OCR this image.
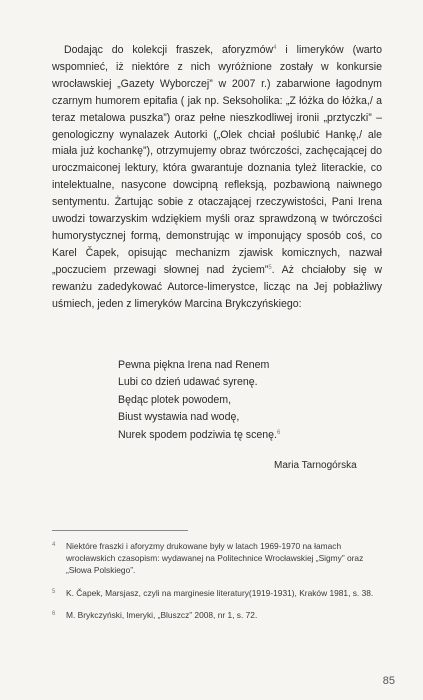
Dodając do kolekcji fraszek, aforyzmów$^4$ i limeryków (warto wspomnieć, iż niektóre z nich wyróżnione zostały w konkursie wrocławskiej „Gazety Wyborczej” w 2007 r.) zabarwione łagodnym czarnym humorem epitafia ( jak np. Seksoholika: „Z łóżka do łóżka,/ a teraz metalowa puszka”) oraz pełne nieszkodliwej ironii „prztyczki” – genologiczny wynalazek Autorki („Olek chciał poślubić Hankę,/ ale miała już kochankę”), otrzymujemy obraz twórczości, zachęcającej do uroczmaiconej lektury, która gwarantuje doznania tyleż literackie, co intelektualne, nasycone dowcipną refleksją, pozbawioną naiwnego sentymentu. Żartując sobie z otaczającej rzeczywistości, Pani Irena uwodzi towarzyskim wdziękiem myśli oraz sprawdzoną w twórczości humorystycznej formą, demonstrując w imponujący sposób coś, co Karel Čapek, opisując mechanizm zjawisk komicznych, nazwał „poczuciem przewagi słownej nad życiem”$^5$. Aż chciałoby się w rewanżu zadedykować Autorce-limerystce, licząc na Jej pobłażliwy uśmiech, jeden z limeryków Marcina Brykczyńskiego:

Pewna piękna Irena nad Renem
Lubi co dzień udawać syrenę.
Będąc plotek powodem,
Biust wystawia nad wodę,
Nurek spodem podziwia tę scenę.$^6$
Maria Tarnogórska
4 Niektóre fraszki i aforyzmy drukowane były w latach 1969-1970 na łamach wrocławskich czasopism: wydawanej na Politechnice Wrocławskiej „Sigmy” oraz „Słowa Polskiego”.
5 K. Čapek, Marsjasz, czyli na marginesie literatury(1919-1931), Kraków 1981, s. 38.
6 M. Brykczyński, lmeryki, „Bluszcz” 2008, nr 1, s. 72.
85
